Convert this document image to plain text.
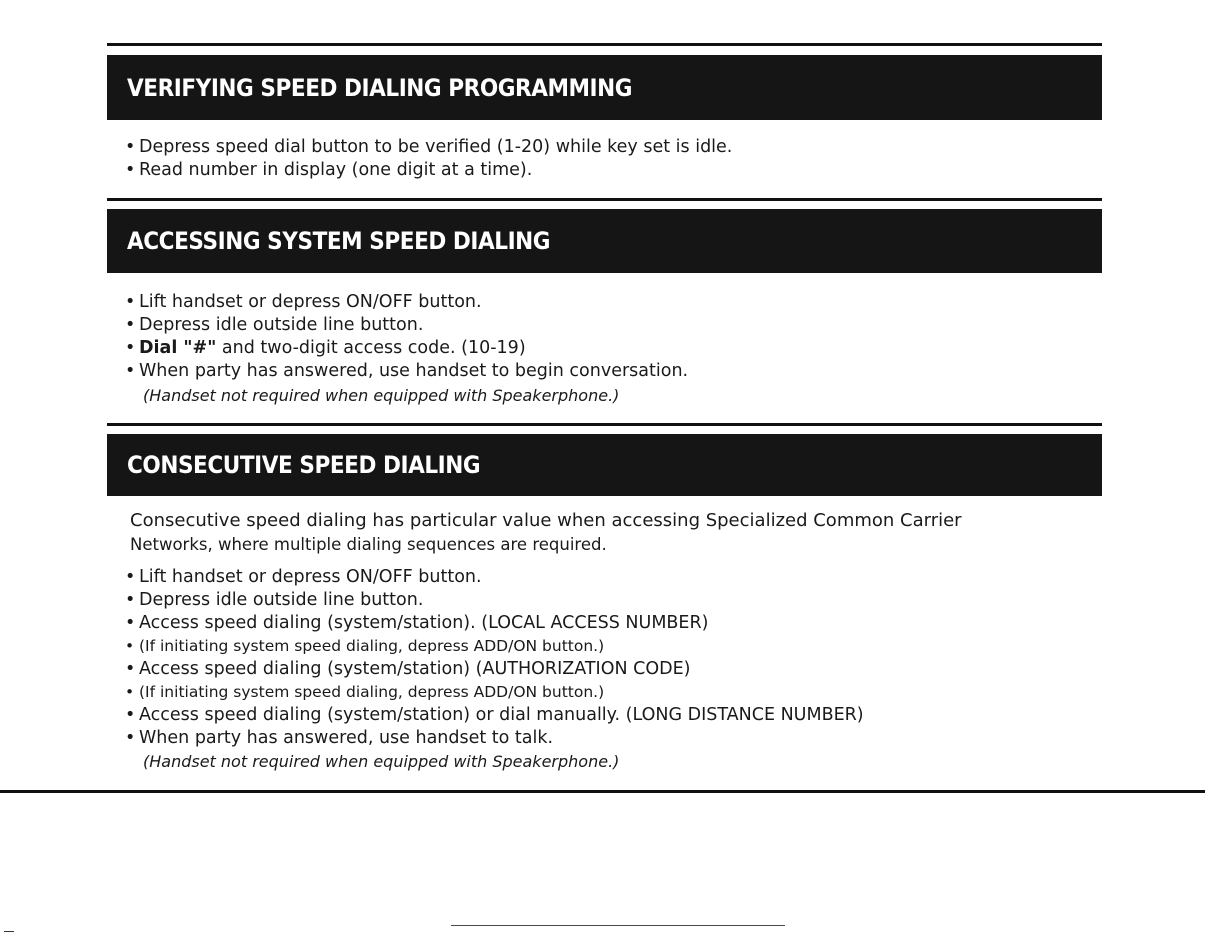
VERIFYING SPEED DIALING PROGRAMMING
• Depress speed dial button to be verified (1-20) while key set is idle.
• Read number in display (one digit at a time).
ACCESSING SYSTEM SPEED DIALING
• Lift handset or depress ON/OFF button.
• Depress idle outside line button.
• Dial "#" and two-digit access code. (10-19)
• When party has answered, use handset to begin conversation.
(Handset not required when equipped with Speakerphone.)
CONSECUTIVE SPEED DIALING
Consecutive speed dialing has particular value when accessing Specialized Common Carrier
Networks, where multiple dialing sequences are required.
• Lift handset or depress ON/OFF button.
• Depress idle outside line button.
• Access speed dialing (system/station). (LOCAL ACCESS NUMBER)
• (If initiating system speed dialing, depress ADD/ON button.)
• Access speed dialing (system/station) (AUTHORIZATION CODE)
• (If initiating system speed dialing, depress ADD/ON button.)
• Access speed dialing (system/station) or dial manually. (LONG DISTANCE NUMBER)
• When party has answered, use handset to talk.
(Handset not required when equipped with Speakerphone.)
